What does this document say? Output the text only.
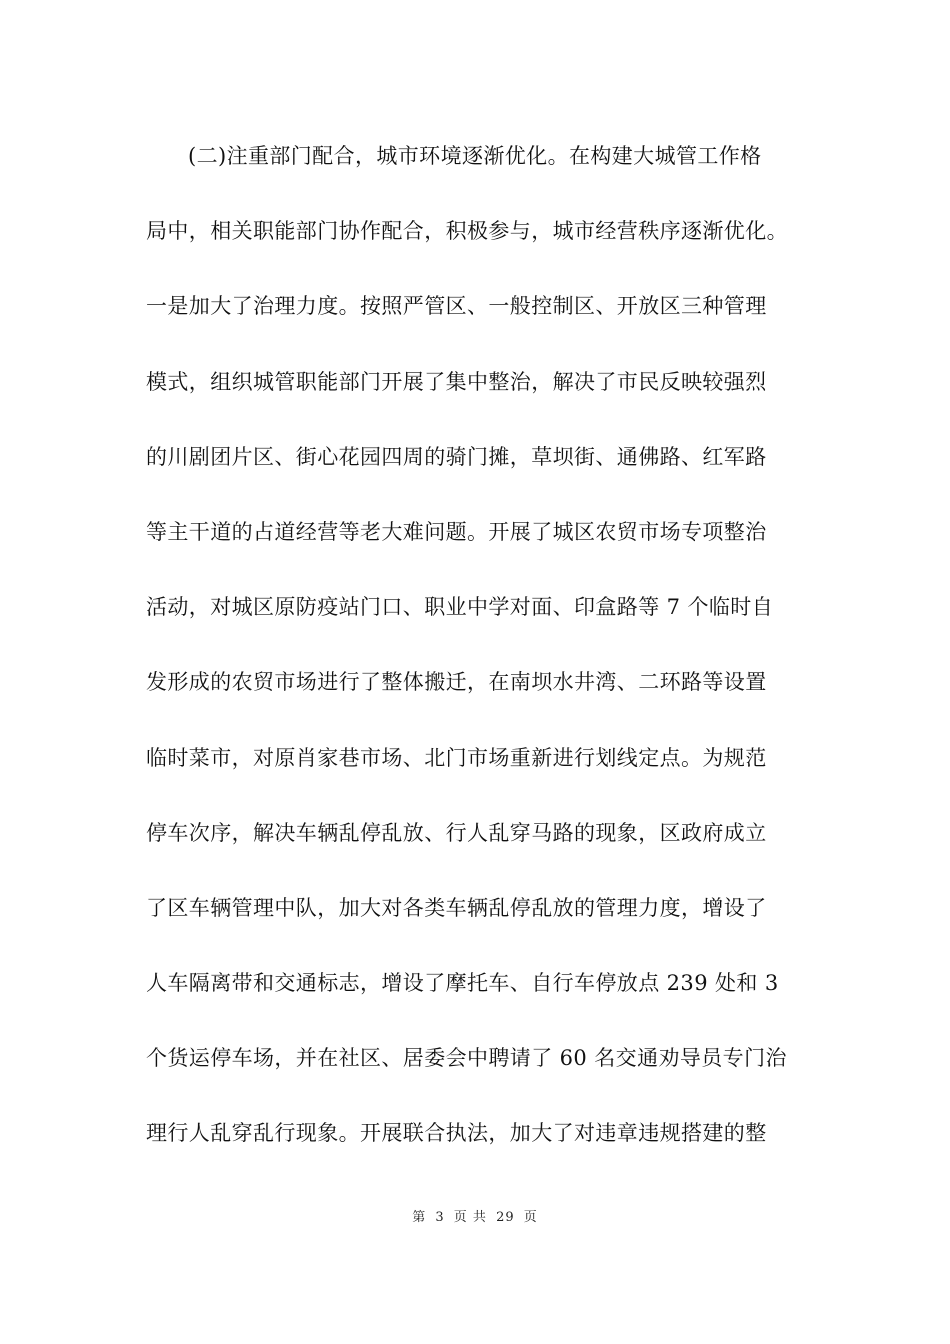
(二)注重部门配合，城市环境逐渐优化。在构建大城管工作格
局中，相关职能部门协作配合，积极参与，城市经营秩序逐渐优化。
一是加大了治理力度。按照严管区、一般控制区、开放区三种管理
模式，组织城管职能部门开展了集中整治，解决了市民反映较强烈
的川剧团片区、街心花园四周的骑门摊，草坝街、通佛路、红军路
等主干道的占道经营等老大难问题。开展了城区农贸市场专项整治
活动，对城区原防疫站门口、职业中学对面、印盒路等 7 个临时自
发形成的农贸市场进行了整体搬迁，在南坝水井湾、二环路等设置
临时菜市，对原肖家巷市场、北门市场重新进行划线定点。为规范
停车次序，解决车辆乱停乱放、行人乱穿马路的现象，区政府成立
了区车辆管理中队，加大对各类车辆乱停乱放的管理力度，增设了
人车隔离带和交通标志，增设了摩托车、自行车停放点 239 处和 3
个货运停车场，并在社区、居委会中聘请了 60 名交通劝导员专门治
理行人乱穿乱行现象。开展联合执法，加大了对违章违规搭建的整
第 3 页 共 29 页
